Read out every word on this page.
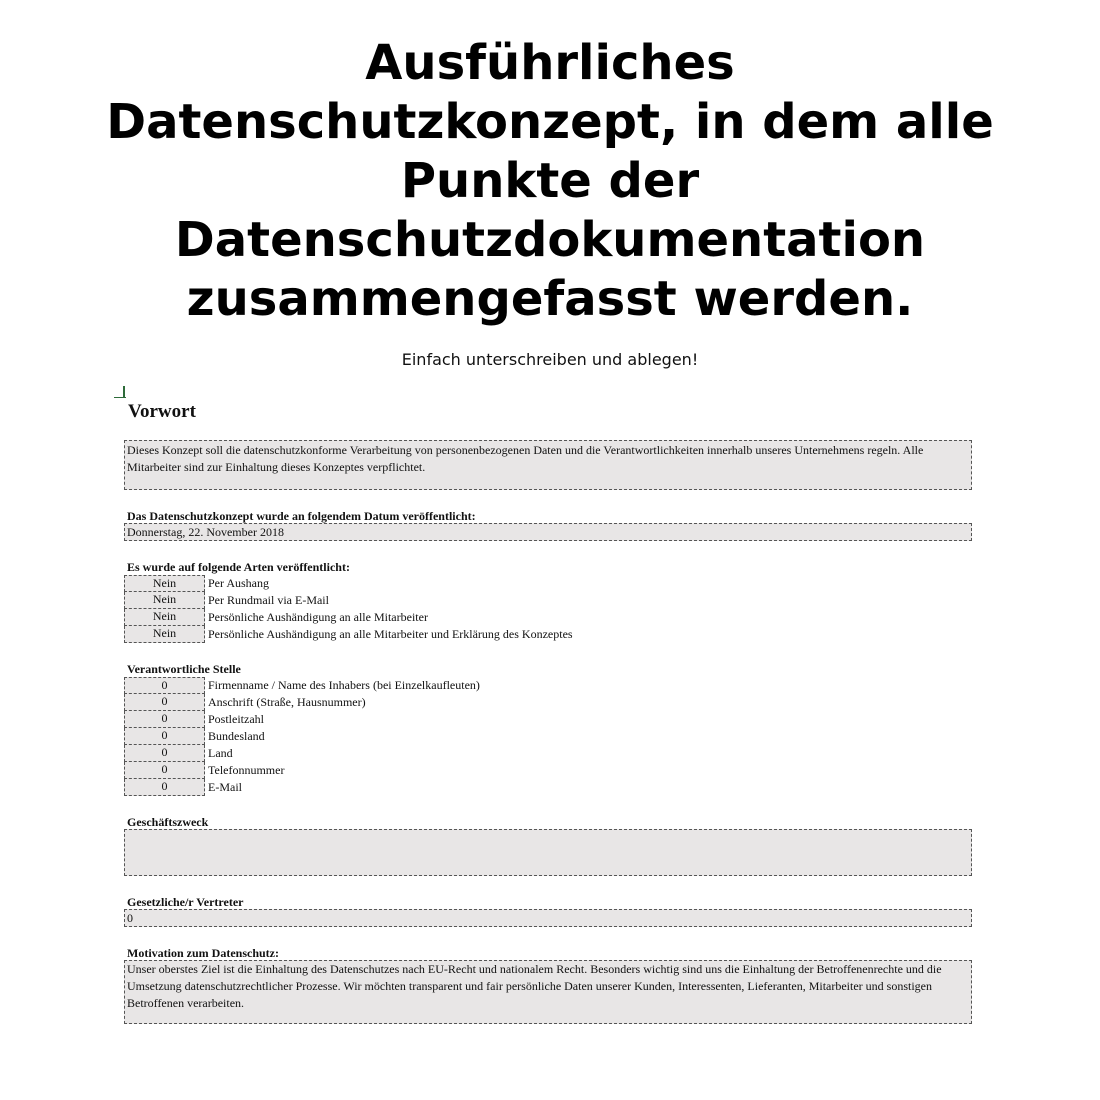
Ausführliches Datenschutzkonzept, in dem alle Punkte der Datenschutzdokumentation zusammengefasst werden.

Einfach unterschreiben und ablegen!

Vorwort
Dieses Konzept soll die datenschutzkonforme Verarbeitung von personenbezogenen Daten und die Verantwortlichkeiten innerhalb unseres Unternehmens regeln. Alle Mitarbeiter sind zur Einhaltung dieses Konzeptes verpflichtet.
Das Datenschutzkonzept wurde an folgendem Datum veröffentlicht:
Donnerstag, 22. November 2018
Es wurde auf folgende Arten veröffentlicht:
Nein	Per Aushang
Nein	Per Rundmail via E-Mail
Nein	Persönliche Aushändigung an alle Mitarbeiter
Nein	Persönliche Aushändigung an alle Mitarbeiter und Erklärung des Konzeptes
Verantwortliche Stelle
0	Firmenname / Name des Inhabers (bei Einzelkaufleuten)
0	Anschrift (Straße, Hausnummer)
0	Postleitzahl
0	Bundesland
0	Land
0	Telefonnummer
0	E-Mail
Geschäftszweck
Gesetzliche/r Vertreter
0
Motivation zum Datenschutz:
Unser oberstes Ziel ist die Einhaltung des Datenschutzes nach EU-Recht und nationalem Recht. Besonders wichtig sind uns die Einhaltung der Betroffenenrechte und die Umsetzung datenschutzrechtlicher Prozesse. Wir möchten transparent und fair persönliche Daten unserer Kunden, Interessenten, Lieferanten, Mitarbeiter und sonstigen Betroffenen verarbeiten.
